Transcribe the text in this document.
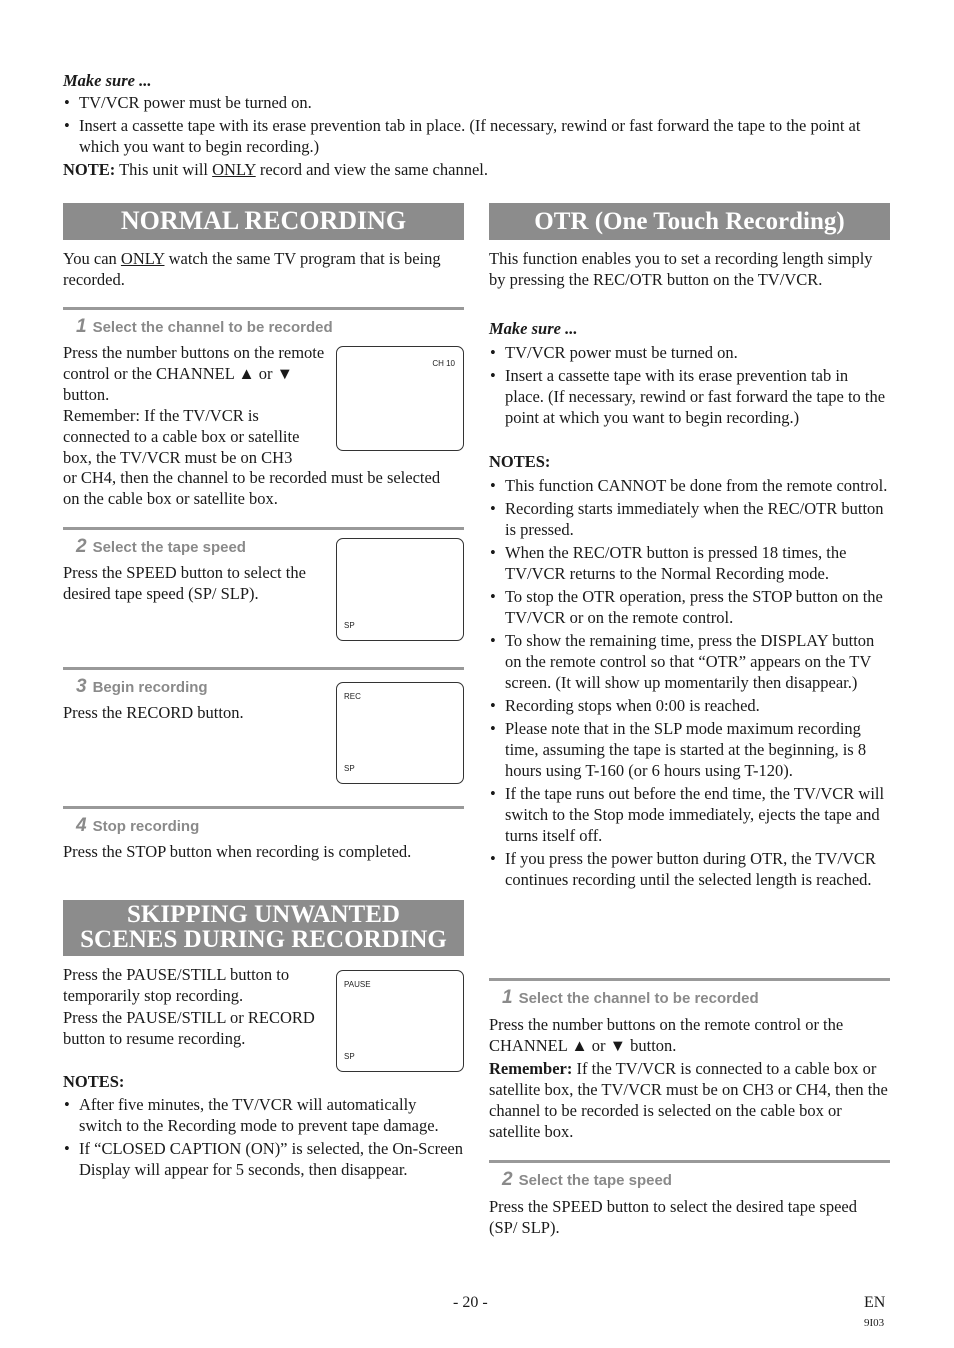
Make sure ...
• TV/VCR power must be turned on.
• Insert a cassette tape with its erase prevention tab in place. (If necessary, rewind or fast forward the tape to the point at which you want to begin recording.)
NOTE: This unit will ONLY record and view the same channel.
NORMAL RECORDING
You can ONLY watch the same TV program that is being recorded.
1 Select the channel to be recorded
Press the number buttons on the remote control or the CHANNEL ▲ or ▼ button.
Remember: If the TV/VCR is connected to a cable box or satellite box, the TV/VCR must be on CH3
or CH4, then the channel to be recorded must be selected on the cable box or satellite box.
CH 10
2 Select the tape speed
Press the SPEED button to select the desired tape speed (SP/ SLP).
SP
3 Begin recording
Press the RECORD button.
REC
SP
4 Stop recording
Press the STOP button when recording is completed.
SKIPPING UNWANTED
SCENES DURING RECORDING
Press the PAUSE/STILL button to temporarily stop recording.
Press the PAUSE/STILL or RECORD button to resume recording.
PAUSE
SP
NOTES:
• After five minutes, the TV/VCR will automatically switch to the Recording mode to prevent tape damage.
• If “CLOSED CAPTION (ON)” is selected, the On-Screen Display will appear for 5 seconds, then disappear.
OTR (One Touch Recording)
This function enables you to set a recording length simply by pressing the REC/OTR button on the TV/VCR.
Make sure ...
• TV/VCR power must be turned on.
• Insert a cassette tape with its erase prevention tab in place. (If necessary, rewind or fast forward the tape to the point at which you want to begin recording.)
NOTES:
• This function CANNOT be done from the remote control.
• Recording starts immediately when the REC/OTR button is pressed.
• When the REC/OTR button is pressed 18 times, the TV/VCR returns to the Normal Recording mode.
• To stop the OTR operation, press the STOP button on the TV/VCR or on the remote control.
• To show the remaining time, press the DISPLAY button on the remote control so that “OTR” appears on the TV screen. (It will show up momentarily then disappear.)
• Recording stops when 0:00 is reached.
• Please note that in the SLP mode maximum recording time, assuming the tape is started at the beginning, is 8 hours using T-160 (or 6 hours using T-120).
• If the tape runs out before the end time, the TV/VCR will switch to the Stop mode immediately, ejects the tape and turns itself off.
• If you press the power button during OTR, the TV/VCR continues recording until the selected length is reached.
1 Select the channel to be recorded
Press the number buttons on the remote control or the CHANNEL ▲ or ▼ button.
Remember: If the TV/VCR is connected to a cable box or satellite box, the TV/VCR must be on CH3 or CH4, then the channel to be recorded is selected on the cable box or satellite box.
2 Select the tape speed
Press the SPEED button to select the desired tape speed (SP/ SLP).
- 20 -	EN
9I03
